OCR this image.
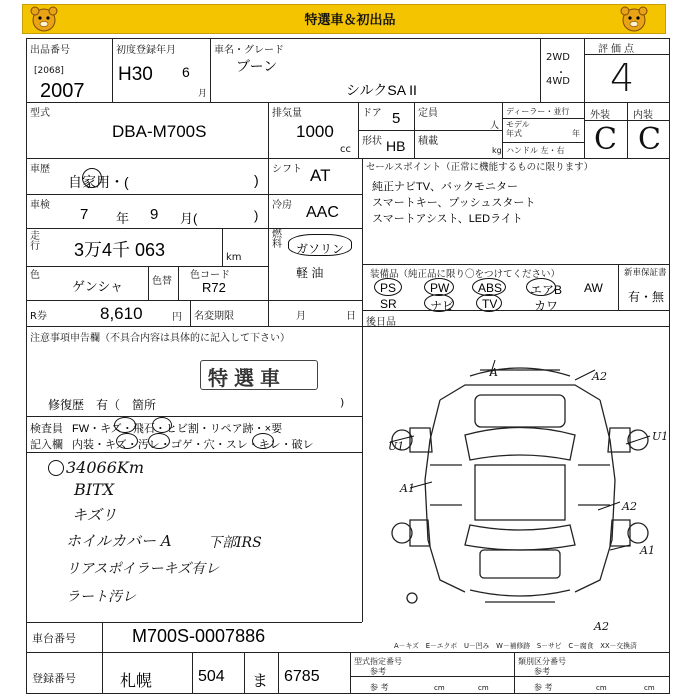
特選車＆初出品
出品番号
[2068]
2007
初度登録年月
H30 6
月
車名・グレード
ブーン
シルクSA II
2WD
・
4WD
評価点
4
型式
DBA-M700S
排気量
1000
cc
ドア 5
形状 HB
定員
人
積載
kg
ディーラー・並行
モデル年式	年
ハンドル 左・右
外装 内装
C C
車歴
自家用・(	)
シフト AT
車検
7 年 9 月(	)
冷房 AAC
走行 3万4千 063	km
燃料 ガソリン
軽 油
色
ゲンシャ	色替
色コード
R72
R券	8,610	円 名変期限	月	日
セールスポイント（正常に機能するものに限ります）
純正ナビTV、バックモニター
スマートキー、プッシュスタート
スマートアシスト、LEDライト
装備品（純正品に限り〇をつけてください）	新車保証書
有・無
PS	PW ABS エアB AW
SR	ナビ TV	カワ
後日品
注意事項申告欄（不具合内容は具体的に記入して下さい）
特選車
修復歴　有（　箇所	)
検査員 FW・キズ・飛石・ヒビ割・リペア跡・×要
記入欄 内装・キズ・汚レ・ゴゲ・穴・スレ・キレ・破レ
34066Km
BITX
キズリ
ホイルカバー A
リアスポイラーキズ有レ
ラート汚レ
下部IRS
A	A2
U1
U1
A1
A2
A1
A2
A－キズ　E－エクボ　U－凹み　W－補修跡　S－サビ　C－腐食　XX－交換済
車台番号	M700S-0007886
登録番号	札幌	504 ま 6785
型式指定番号
参考
類別区分番号
参考
参 考	cm	cm	参 考	cm	cm
